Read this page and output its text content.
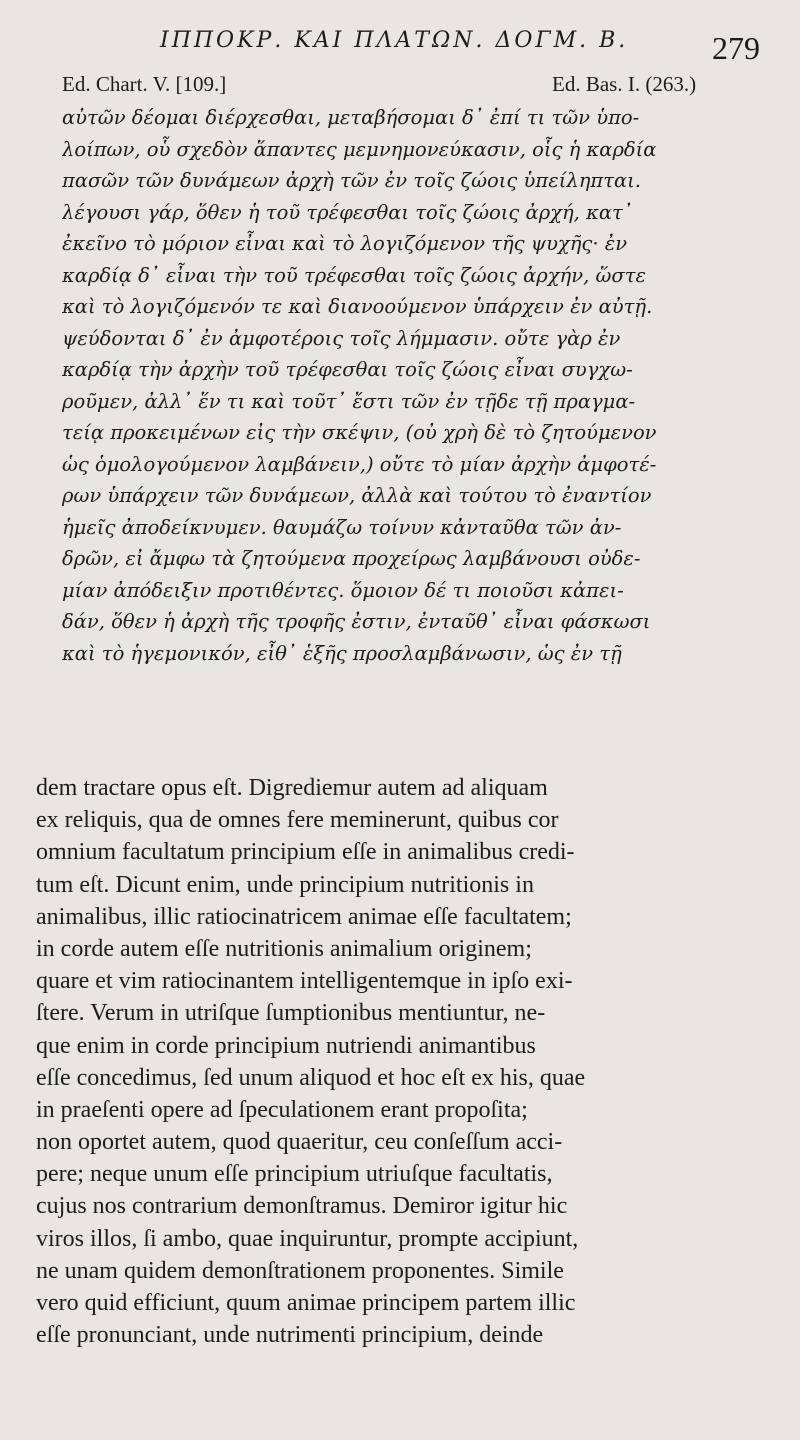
ΙΠΠΟΚΡ. ΚΑΙ ΠΛΑΤΩΝ. ΔΟΓΜ. Β.	279
Ed. Chart. V. [109.]	Ed. Bas. I. (263.)
αὐτῶν δέομαι διέρχεσθαι, μεταβήσομαι δ᾽ ἐπί τι τῶν ὑπο-
λοίπων, οὗ σχεδὸν ἅπαντες μεμνημονεύκασιν, οἷς ἡ καρδία
πασῶν τῶν δυνάμεων ἀρχὴ τῶν ἐν τοῖς ζώοις ὑπείληπται.
λέγουσι γάρ, ὅθεν ἡ τοῦ τρέφεσθαι τοῖς ζώοις ἀρχή, κατ᾽
ἐκεῖνο τὸ μόριον εἶναι καὶ τὸ λογιζόμενον τῆς ψυχῆς· ἐν
καρδίᾳ δ᾽ εἶναι τὴν τοῦ τρέφεσθαι τοῖς ζώοις ἀρχήν, ὥστε
καὶ τὸ λογιζόμενόν τε καὶ διανοούμενον ὑπάρχειν ἐν αὐτῇ.
ψεύδονται δ᾽ ἐν ἀμφοτέροις τοῖς λήμμασιν. οὔτε γὰρ ἐν
καρδίᾳ τὴν ἀρχὴν τοῦ τρέφεσθαι τοῖς ζώοις εἶναι συγχω-
ροῦμεν, ἀλλ᾽ ἕν τι καὶ τοῦτ᾽ ἔστι τῶν ἐν τῇδε τῇ πραγμα-
τείᾳ προκειμένων εἰς τὴν σκέψιν, (οὐ χρὴ δὲ τὸ ζητούμενον
ὡς ὁμολογούμενον λαμβάνειν,) οὔτε τὸ μίαν ἀρχὴν ἀμφοτέ-
ρων ὑπάρχειν τῶν δυνάμεων, ἀλλὰ καὶ τούτου τὸ ἐναντίον
ἡμεῖς ἀποδείκνυμεν. θαυμάζω τοίνυν κἀνταῦθα τῶν ἀν-
δρῶν, εἰ ἄμφω τὰ ζητούμενα προχείρως λαμβάνουσι οὐδε-
μίαν ἀπόδειξιν προτιθέντες. ὅμοιον δέ τι ποιοῦσι κἀπει-
δάν, ὅθεν ἡ ἀρχὴ τῆς τροφῆς ἐστιν, ἐνταῦθ᾽ εἶναι φάσκωσι
καὶ τὸ ἡγεμονικόν, εἶθ᾽ ἑξῆς προσλαμβάνωσιν, ὡς ἐν τῇ
dem tractare opus eſt. Digrediemur autem ad aliquam
ex reliquis, qua de omnes fere meminerunt, quibus cor
omnium facultatum principium eſſe in animalibus credi-
tum eſt. Dicunt enim, unde principium nutritionis in
animalibus, illic ratiocinatricem animae eſſe facultatem;
in corde autem eſſe nutritionis animalium originem;
quare et vim ratiocinantem intelligentemque in ipſo exi-
ſtere. Verum in utriſque ſumptionibus mentiuntur, ne-
que enim in corde principium nutriendi animantibus
eſſe concedimus, ſed unum aliquod et hoc eſt ex his, quae
in praeſenti opere ad ſpeculationem erant propoſita;
non oportet autem, quod quaeritur, ceu conſeſſum acci-
pere; neque unum eſſe principium utriuſque facultatis,
cujus nos contrarium demonſtramus. Demiror igitur hic
viros illos, ſi ambo, quae inquiruntur, prompte accipiunt,
ne unam quidem demonſtrationem proponentes. Simile
vero quid efficiunt, quum animae principem partem illic
eſſe pronunciant, unde nutrimenti principium, deinde
